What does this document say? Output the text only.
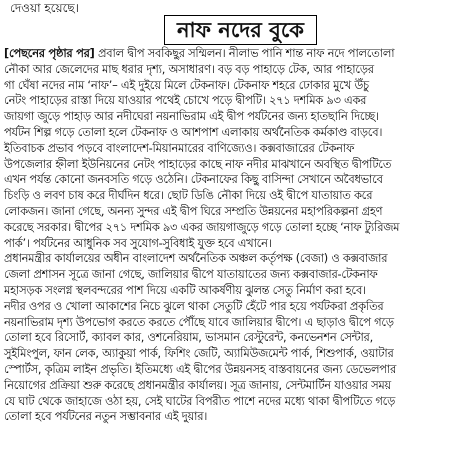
দেওয়া হয়েছে।
নাফ নদের বুকে
[পেছনের পৃষ্ঠার পর] প্রবাল দ্বীপ সবকিছুর সম্মিলন। নীলাভ পানি শান্ত নাফ নদে পালতোলা
নৌকা আর জেলেদের মাছ ধরার দৃশ্য, অসাধারণ। বড় বড় পাহাড়ে টেক, আর পাহাড়ের
গা ঘেঁষা নদের নাম ‘নাফ’– এই দুইয়ে মিলে টেকনাফ। টেকনাফ শহরে ঢোকার মুখে উঁচু
নেটং পাহাড়ের রাস্তা দিয়ে যাওয়ার পথেই চোখে পড়ে দ্বীপটি। ২৭১ দশমিক ৯৩ একর
জায়গা জুড়ে পাহাড় আর নদীঘেরা নয়নাভিরাম এই দ্বীপ পর্যটনের জন্য হাতছানি দিচ্ছে।
পর্যটন শিল্প গড়ে তোলা হলে টেকনাফ ও আশপাশ এলাকায় অর্থনৈতিক কর্মকাণ্ড বাড়বে।
ইতিবাচক প্রভাব পড়বে বাংলাদেশ-মিয়ানমারের বাণিজ্যেও। কক্সবাজারের টেকনাফ
উপজেলার হ্নীলা ইউনিয়নের নেটং পাহাড়ের কাছে নাফ নদীর মাঝখানে অবস্থিত দ্বীপটিতে
এখন পর্যন্ত কোনো জনবসতি গড়ে ওঠেনি। টেকনাফের কিছু বাসিন্দা সেখানে অবৈধভাবে
চিংড়ি ও লবণ চাষ করে দীর্ঘদিন ধরে। ছোট ডিঙি নৌকা দিয়ে ওই দ্বীপে যাতায়াত করে
লোকজন। জানা গেছে, অনন্য সুন্দর এই দ্বীপ ঘিরে সম্প্রতি উন্নয়নের মহাপরিকল্পনা গ্রহণ
করেছে সরকার। দ্বীপের ২৭১ দশমিক ৯৩ একর জায়গাজুড়ে গড়ে তোলা হচ্ছে ‘নাফ ট্যুরিজম
পার্ক’। পর্যটনের আধুনিক সব সুযোগ-সুবিধাই যুক্ত হবে এখানে।
প্রধানমন্ত্রীর কার্যালয়ের অধীন বাংলাদেশ অর্থনৈতিক অঞ্চল কর্তৃপক্ষ (বেজা) ও কক্সবাজার
জেলা প্রশাসন সূত্রে জানা গেছে, জালিয়ার দ্বীপে যাতায়াতের জন্য কক্সবাজার-টেকনাফ
মহাসড়ক সংলগ্ন স্থলবন্দরের পাশ দিয়ে একটি আকর্ষণীয় ঝুলন্ত সেতু নির্মাণ করা হবে।
নদীর ওপর ও খোলা আকাশের নিচে ঝুলে থাকা সেতুটি হেঁটে পার হয়ে পর্যটকরা প্রকৃতির
নয়নাভিরাম দৃশ্য উপভোগ করতে করতে পৌঁছে যাবে জালিয়ার দ্বীপে। এ ছাড়াও দ্বীপে গড়ে
তোলা হবে রিসোর্ট, ক্যাবল কার, ওশনেরিয়াম, ভাসমান রেস্টুরেন্ট, কনভেনশন সেন্টার,
সুইমিংপুল, ফান লেক, অ্যাকুয়া পার্ক, ফিশিং জেটি, অ্যামিউজমেন্ট পার্ক, শিশুপার্ক, ওয়াটার
স্পোর্টস, কৃত্রিম লাইন প্রভৃতি। ইতিমধ্যে এই দ্বীপের উন্নয়নসহ বাস্তবায়নের জন্য ডেভেলপার
নিয়োগের প্রক্রিয়া শুরু করেছে প্রধানমন্ত্রীর কার্যালয়। সূত্র জানায়, সেন্টমার্টিন যাওয়ার সময়
যে ঘাট থেকে জাহাজে ওঠা হয়, সেই ঘাটের বিপরীত পাশে নদের মধ্যে থাকা দ্বীপটিতে গড়ে
তোলা হবে পর্যটনের নতুন সম্ভাবনার এই দুয়ার।
